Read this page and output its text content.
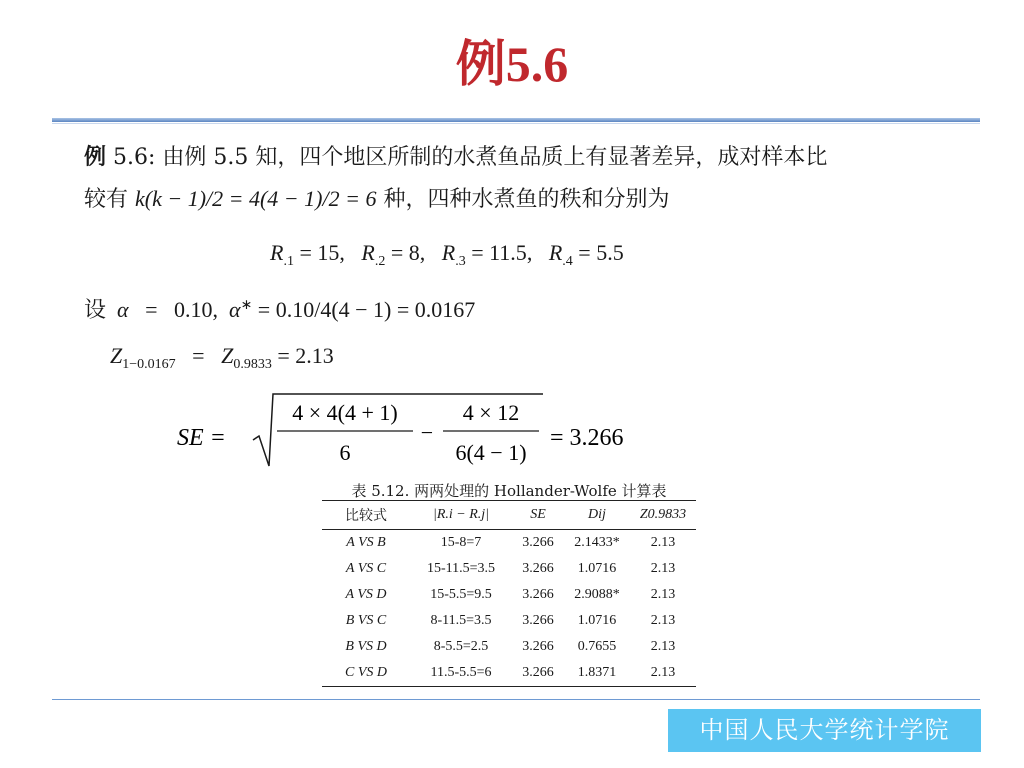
例5.6
例 5.6: 由例 5.5 知，四个地区所制的水煮鱼品质上有显著差异，成对样本比
较有 k(k − 1)/2 = 4(4 − 1)/2 = 6 种，四种水煮鱼的秩和分别为
$R_{.1} = 15$,   $R_{.2} = 8$,   $R_{.3} = 11.5$,   $R_{.4} = 5.5$
设 α = 0.10, α∗ = 0.10/4(4 − 1) = 0.0167
$Z_{1-0.0167} = Z_{0.9833} = 2.13$
SE =
4 × 4(4 + 1)
6
−
4 × 12
6(4 − 1)
= 3.266
表 5.12. 两两处理的 Hollander-Wolfe 计算表
比较式	|R.i − R.j|	SE	Dij	Z0.9833
A VS B	15-8=7	3.266	2.1433*	2.13
A VS C	15-11.5=3.5	3.266	1.0716	2.13
A VS D	15-5.5=9.5	3.266	2.9088*	2.13
B VS C	8-11.5=3.5	3.266	1.0716	2.13
B VS D	8-5.5=2.5	3.266	0.7655	2.13
C VS D	11.5-5.5=6	3.266	1.8371	2.13
中国人民大学统计学院
